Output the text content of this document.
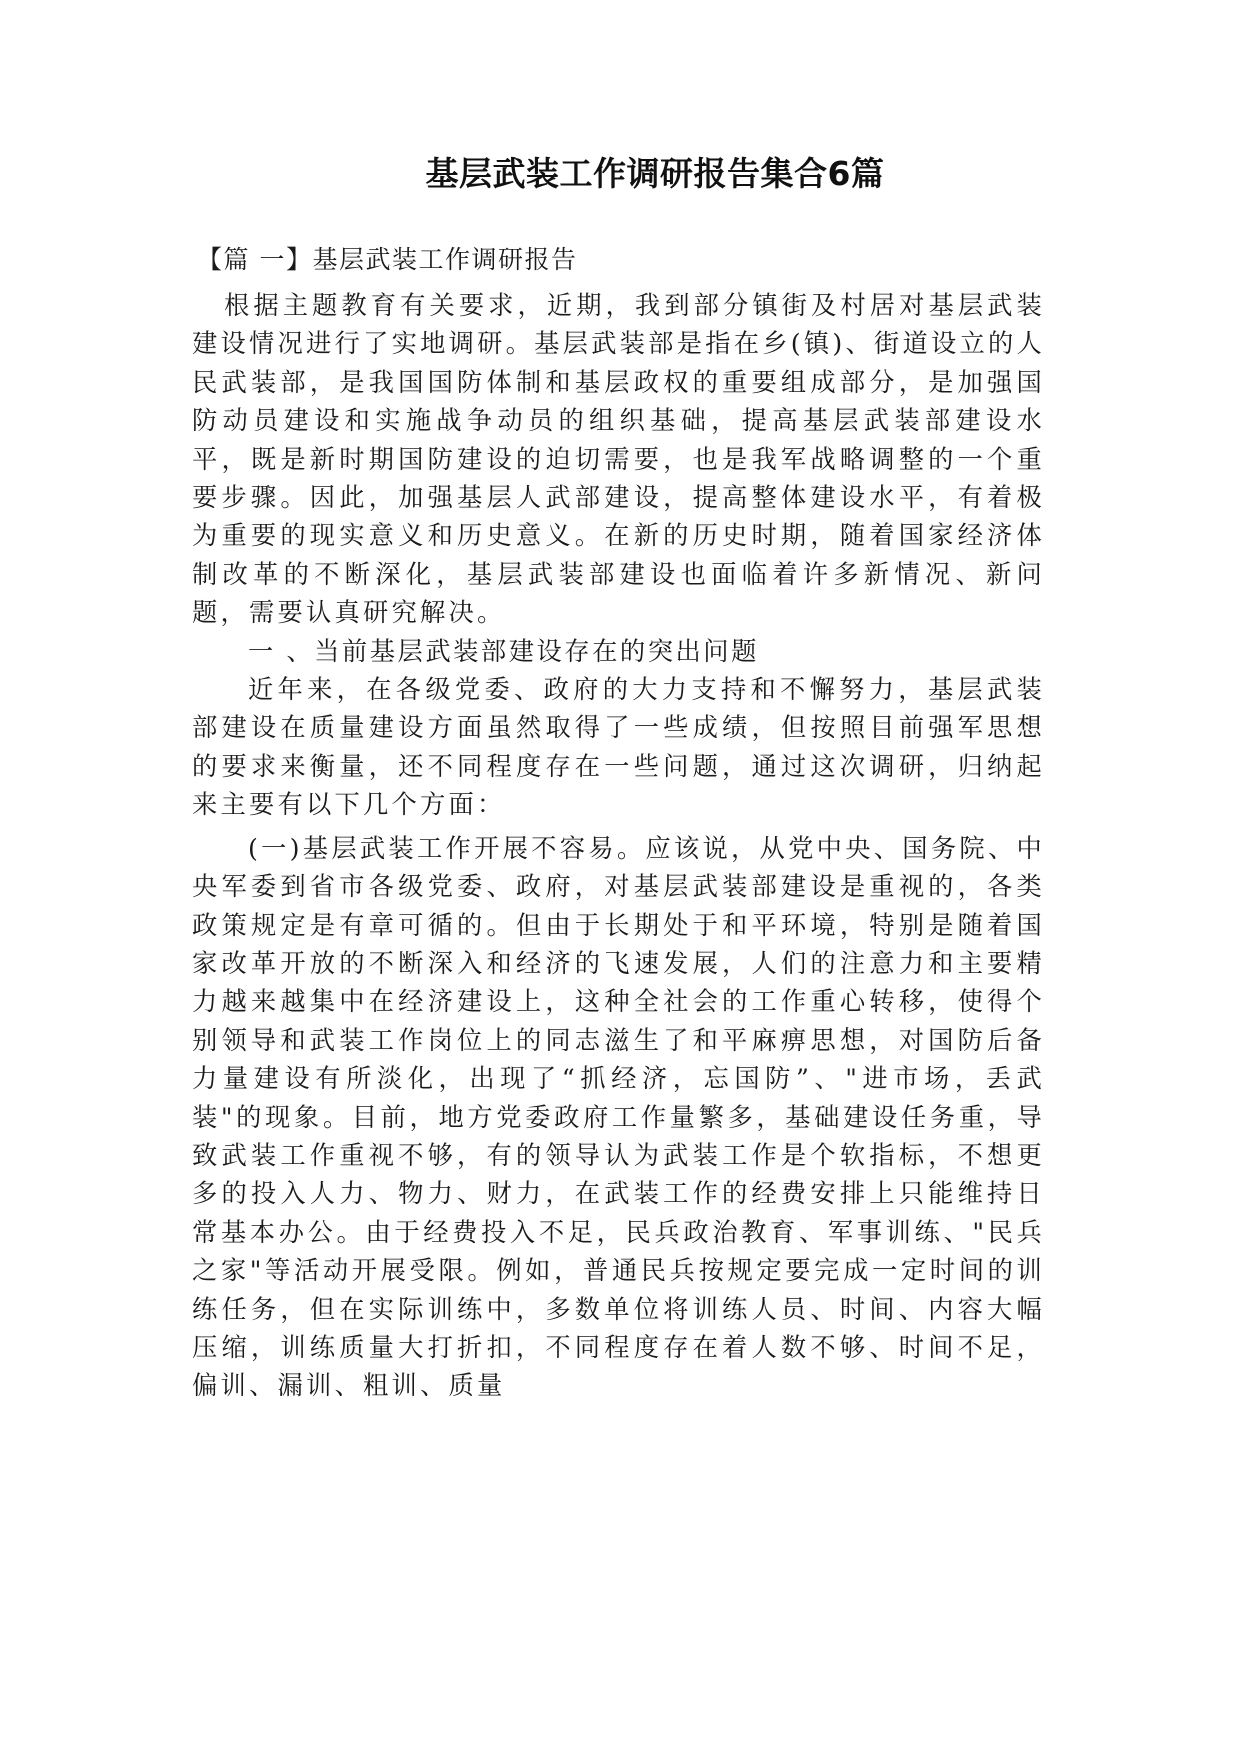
基层武装工作调研报告集合6篇
【篇 一】基层武装工作调研报告

根据主题教育有关要求，近期，我到部分镇街及村居对基层武装建设情况进行了实地调研。基层武装部是指在乡(镇)、街道设立的人民武装部，是我国国防体制和基层政权的重要组成部分，是加强国防动员建设和实施战争动员的组织基础，提高基层武装部建设水平，既是新时期国防建设的迫切需要，也是我军战略调整的一个重要步骤。因此，加强基层人武部建设，提高整体建设水平，有着极为重要的现实意义和历史意义。在新的历史时期，随着国家经济体制改革的不断深化，基层武装部建设也面临着许多新情况、新问题，需要认真研究解决。

一 、当前基层武装部建设存在的突出问题

近年来，在各级党委、政府的大力支持和不懈努力，基层武装部建设在质量建设方面虽然取得了一些成绩，但按照目前强军思想的要求来衡量，还不同程度存在一些问题，通过这次调研，归纳起来主要有以下几个方面：

(一)基层武装工作开展不容易。应该说，从党中央、国务院、中央军委到省市各级党委、政府，对基层武装部建设是重视的，各类政策规定是有章可循的。但由于长期处于和平环境，特别是随着国家改革开放的不断深入和经济的飞速发展，人们的注意力和主要精力越来越集中在经济建设上，这种全社会的工作重心转移，使得个别领导和武装工作岗位上的同志滋生了和平麻痹思想，对国防后备力量建设有所淡化，出现了“抓经济，忘国防”、"进市场，丢武装"的现象。目前，地方党委政府工作量繁多，基础建设任务重，导致武装工作重视不够，有的领导认为武装工作是个软指标，不想更多的投入人力、物力、财力，在武装工作的经费安排上只能维持日常基本办公。由于经费投入不足，民兵政治教育、军事训练、"民兵之家"等活动开展受限。例如，普通民兵按规定要完成一定时间的训练任务，但在实际训练中，多数单位将训练人员、时间、内容大幅压缩，训练质量大打折扣，不同程度存在着人数不够、时间不足，偏训、漏训、粗训、质量
